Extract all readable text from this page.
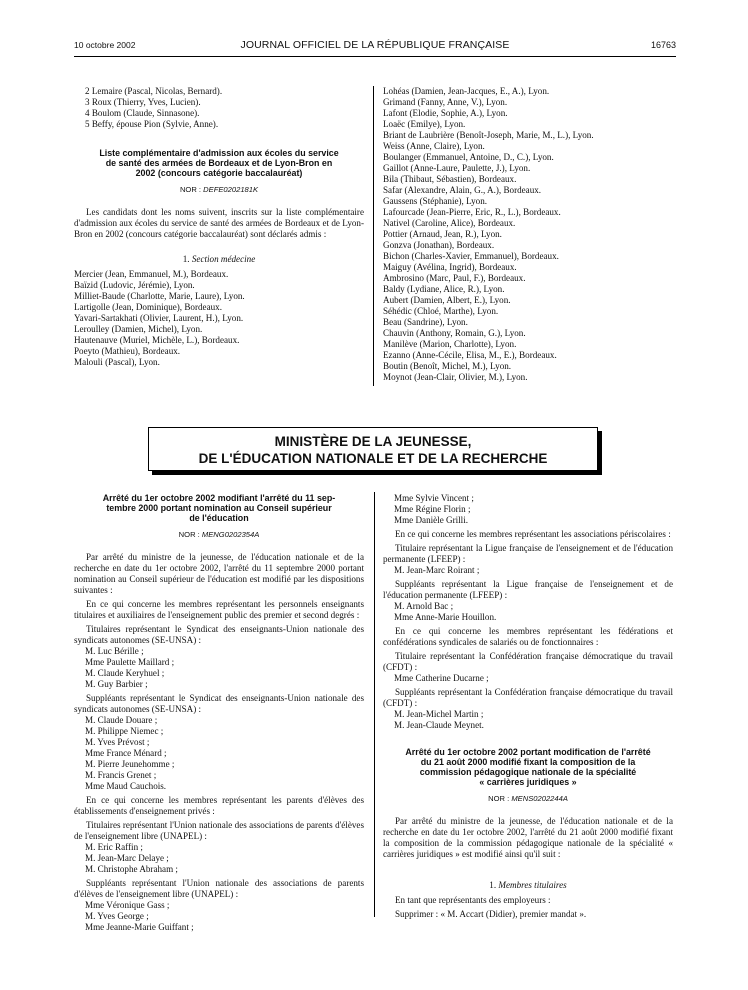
10 octobre 2002	JOURNAL OFFICIEL DE LA RÉPUBLIQUE FRANÇAISE	16763
2 Lemaire (Pascal, Nicolas, Bernard).
3 Roux (Thierry, Yves, Lucien).
4 Boulom (Claude, Sinnasone).
5 Beffy, épouse Pion (Sylvie, Anne).

Liste complémentaire d'admission aux écoles du service

de santé des armées de Bordeaux et de Lyon-Bron en

2002 (concours catégorie baccalauréat)

NOR : DEFE0202181K

Les candidats dont les noms suivent, inscrits sur la liste complémentaire d'admission aux écoles du service de santé des armées de Bordeaux et de Lyon-Bron en 2002 (concours catégorie baccalauréat) sont déclarés admis :

1. Section médecine
Mercier (Jean, Emmanuel, M.), Bordeaux.
Baïzid (Ludovic, Jérémie), Lyon.
Milliet-Baude (Charlotte, Marie, Laure), Lyon.
Lartigolle (Jean, Dominique), Bordeaux.
Yavari-Sartakhati (Olivier, Laurent, H.), Lyon.
Leroulley (Damien, Michel), Lyon.
Hautenauve (Muriel, Michèle, L.), Bordeaux.
Poeyto (Mathieu), Bordeaux.
Malouli (Pascal), Lyon.
Lohéas (Damien, Jean-Jacques, E., A.), Lyon.
Grimand (Fanny, Anne, V.), Lyon.
Lafont (Elodie, Sophie, A.), Lyon.
Loaëc (Emilye), Lyon.
Briant de Laubrière (Benoît-Joseph, Marie, M., L.), Lyon.
Weiss (Anne, Claire), Lyon.
Boulanger (Emmanuel, Antoine, D., C.), Lyon.
Gaillot (Anne-Laure, Paulette, J.), Lyon.
Bila (Thibaut, Sébastien), Bordeaux.
Safar (Alexandre, Alain, G., A.), Bordeaux.
Gaussens (Stéphanie), Lyon.
Lafourcade (Jean-Pierre, Eric, R., L.), Bordeaux.
Nativel (Caroline, Alice), Bordeaux.
Pottier (Arnaud, Jean, R.), Lyon.
Gonzva (Jonathan), Bordeaux.
Bichon (Charles-Xavier, Emmanuel), Bordeaux.
Maiguy (Avélina, Ingrid), Bordeaux.
Ambrosino (Marc, Paul, F.), Bordeaux.
Baldy (Lydiane, Alice, R.), Lyon.
Aubert (Damien, Albert, E.), Lyon.
Séhédic (Chloé, Marthe), Lyon.
Beau (Sandrine), Lyon.
Chauvin (Anthony, Romain, G.), Lyon.
Manilève (Marion, Charlotte), Lyon.
Ezanno (Anne-Cécile, Elisa, M., E.), Bordeaux.
Boutin (Benoît, Michel, M.), Lyon.
Moynot (Jean-Clair, Olivier, M.), Lyon.
MINISTÈRE DE LA JEUNESSE,
DE L'ÉDUCATION NATIONALE ET DE LA RECHERCHE

Arrêté du 1er octobre 2002 modifiant l'arrêté du 11 sep-

tembre 2000 portant nomination au Conseil supérieur

de l'éducation

NOR : MENG0202354A

Par arrêté du ministre de la jeunesse, de l'éducation nationale et de la recherche en date du 1er octobre 2002, l'arrêté du 11 septembre 2000 portant nomination au Conseil supérieur de l'éducation est modifié par les dispositions suivantes :

En ce qui concerne les membres représentant les personnels enseignants titulaires et auxiliaires de l'enseignement public des premier et second degrés :

Titulaires représentant le Syndicat des enseignants-Union nationale des syndicats autonomes (SE-UNSA) :

M. Luc Bérille ;
Mme Paulette Maillard ;
M. Claude Keryhuel ;
M. Guy Barbier ;

Suppléants représentant le Syndicat des enseignants-Union nationale des syndicats autonomes (SE-UNSA) :

M. Claude Douare ;
M. Philippe Niemec ;
M. Yves Prévost ;
Mme France Ménard ;
M. Pierre Jeunehomme ;
M. Francis Grenet ;
Mme Maud Cauchois.

En ce qui concerne les membres représentant les parents d'élèves des établissements d'enseignement privés :

Titulaires représentant l'Union nationale des associations de parents d'élèves de l'enseignement libre (UNAPEL) :

M. Eric Raffin ;
M. Jean-Marc Delaye ;
M. Christophe Abraham ;

Suppléants représentant l'Union nationale des associations de parents d'élèves de l'enseignement libre (UNAPEL) :

Mme Véronique Gass ;
M. Yves George ;
Mme Jeanne-Marie Guiffant ;
Mme Sylvie Vincent ;
Mme Régine Florin ;
Mme Danièle Grilli.

En ce qui concerne les membres représentant les associations périscolaires :

Titulaire représentant la Ligue française de l'enseignement et de l'éducation permanente (LFEEP) :

M. Jean-Marc Roirant ;

Suppléants représentant la Ligue française de l'enseignement et de l'éducation permanente (LFEEP) :

M. Arnold Bac ;
Mme Anne-Marie Houillon.

En ce qui concerne les membres représentant les fédérations et confédérations syndicales de salariés ou de fonctionnaires :

Titulaire représentant la Confédération française démocratique du travail (CFDT) :

Mme Catherine Ducarne ;

Suppléants représentant la Confédération française démocratique du travail (CFDT) :

M. Jean-Michel Martin ;
M. Jean-Claude Meynet.

Arrêté du 1er octobre 2002 portant modification de l'arrêté

du 21 août 2000 modifié fixant la composition de la

commission pédagogique nationale de la spécialité

« carrières juridiques »

NOR : MENS0202244A

Par arrêté du ministre de la jeunesse, de l'éducation nationale et de la recherche en date du 1er octobre 2002, l'arrêté du 21 août 2000 modifié fixant la composition de la commission pédagogique nationale de la spécialité « carrières juridiques » est modifié ainsi qu'il suit :

1. Membres titulaires

En tant que représentants des employeurs :

Supprimer : « M. Accart (Didier), premier mandat ».
